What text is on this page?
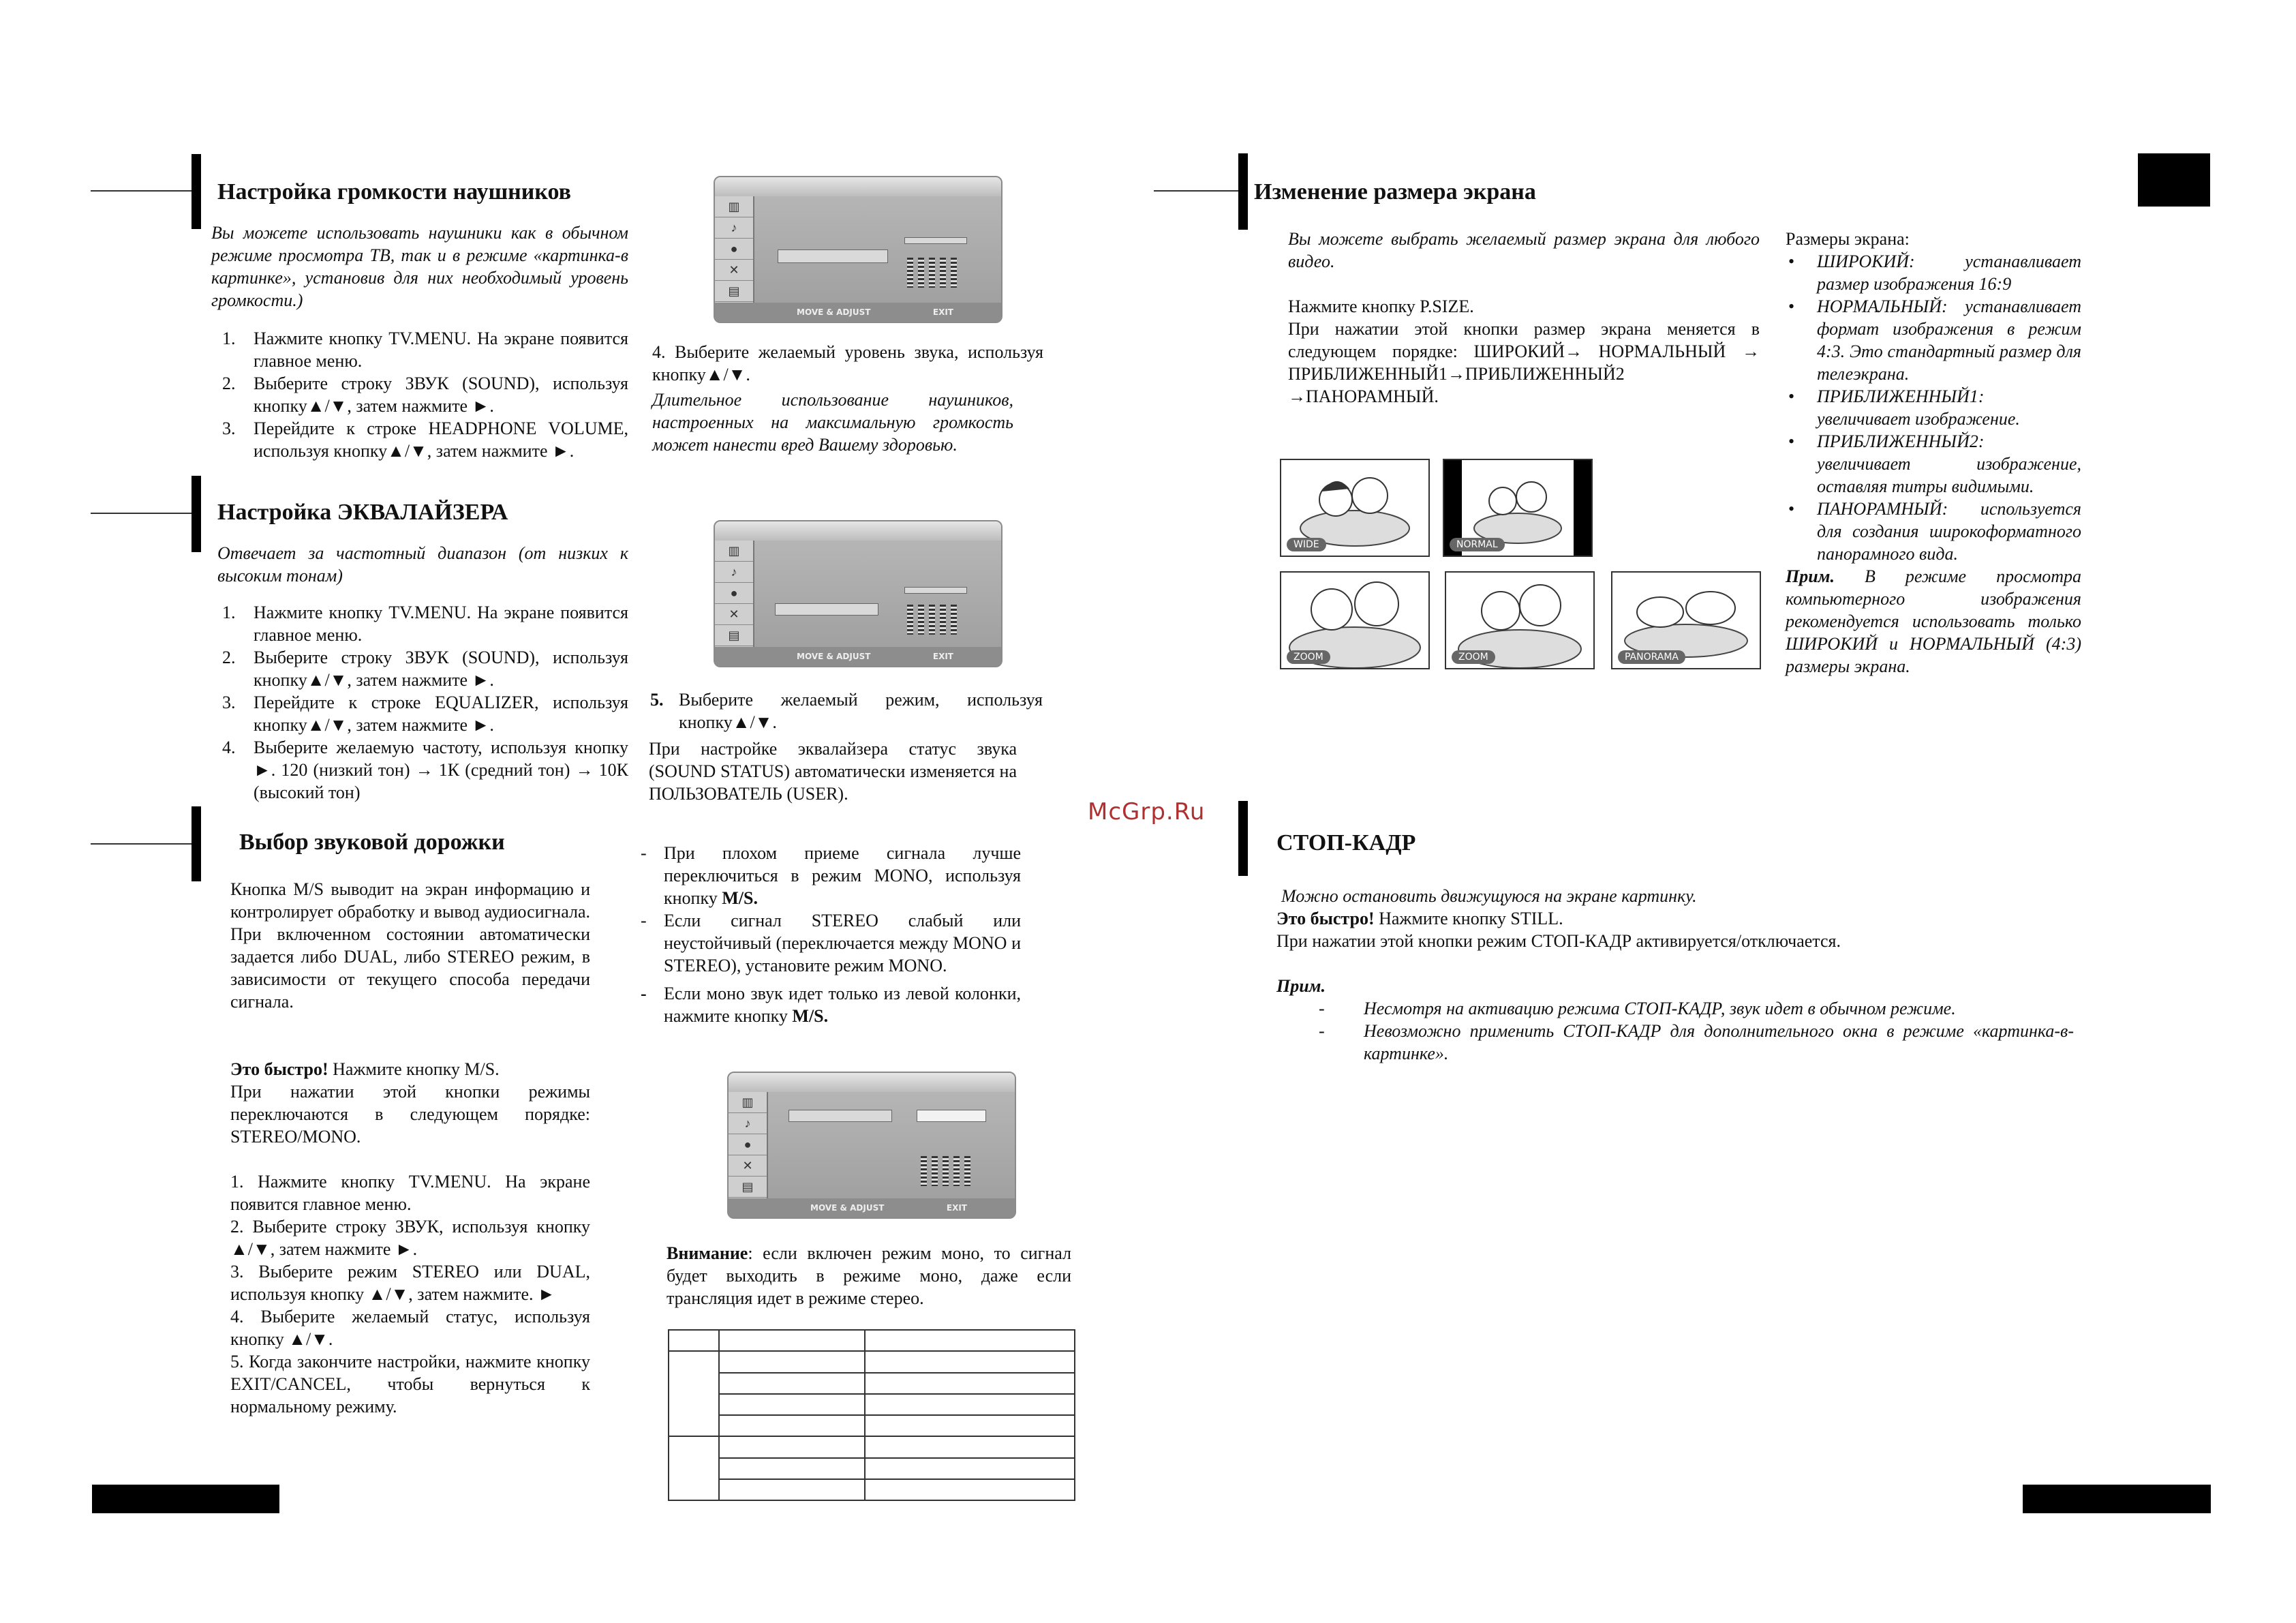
Настройка громкости наушников

Вы можете использовать наушники как в обычном режиме просмотра ТВ, так и в режиме «картинка-в картинке», установив для них необходимый уровень громкости.)

1. Нажмите кнопку TV.MENU. На экране появится главное меню.
2. Выберите строку ЗВУК (SOUND), используя кнопку▲/▼, затем нажмите ►.
3. Перейдите к строке HEADPHONE VOLUME, используя кнопку▲/▼, затем нажмите ►.
▥
♪
●
✕
▤
MOVE & ADJUST	EXIT

4. Выберите желаемый уровень звука, используя кнопку▲/▼.

Длительное использование наушников, настроенных на максимальную громкость может нанести вред Вашему здоровью.

Настройка ЭКВАЛАЙЗЕРА

Отвечает за частотный диапазон (от низких к высоким тонам)

1. Нажмите кнопку TV.MENU. На экране появится главное меню.
2. Выберите строку ЗВУК (SOUND), используя кнопку▲/▼, затем нажмите ►.
3. Перейдите к строке EQUALIZER, используя кнопку▲/▼, затем нажмите ►.
4. Выберите желаемую частоту, используя кнопку ►. 120 (низкий тон) → 1К (средний тон) → 10К (высокий тон)
▥
♪
●
✕
▤
MOVE & ADJUST	EXIT
5. Выберите желаемый режим, используя кнопку▲/▼.

При настройке эквалайзера статус звука (SOUND STATUS) автоматически изменяется на ПОЛЬЗОВАТЕЛЬ (USER).

Выбор звуковой дорожки

Кнопка M/S выводит на экран информацию и контролирует обработку и вывод аудиосигнала. При включенном состоянии автоматически задается либо DUAL, либо STEREO режим, в зависимости от текущего способа передачи сигнала.

Это быстро! Нажмите кнопку M/S.

При нажатии этой кнопки режимы переключаются в следующем порядке: STEREO/MONO.

1. Нажмите кнопку TV.MENU. На экране появится главное меню.
2. Выберите строку ЗВУК, используя кнопку ▲/▼, затем нажмите ►.
3. Выберите режим STEREO или DUAL, используя кнопку ▲/▼, затем нажмите. ►
4. Выберите желаемый статус, используя кнопку ▲/▼.
5. Когда закончите настройки, нажмите кнопку EXIT/CANCEL, чтобы вернуться к нормальному режиму.
- При плохом приеме сигнала лучше переключиться в режим MONO, используя кнопку M/S.
- Если сигнал STEREO слабый или неустойчивый (переключается между MONO и STEREO), установите режим MONO.
- Если моно звук идет только из левой колонки, нажмите кнопку M/S.
▥
♪
●
✕
▤
MOVE & ADJUST	EXIT

Внимание: если включен режим моно, то сигнал будет выходить в режиме моно, даже если трансляция идет в режиме стерео.

McGrp.Ru
Изменение размера экрана

Вы можете выбрать желаемый размер экрана для любого видео.

Нажмите кнопку P.SIZE.

При нажатии этой кнопки размер экрана меняется в следующем порядке: ШИРОКИЙ→ НОРМАЛЬНЫЙ → ПРИБЛИЖЕННЫЙ1→ПРИБЛИЖЕННЫЙ2 →ПАНОРАМНЫЙ.

WIDE	NORMAL
ZOOM	ZOOM	PANORAMA
Размеры экрана:
• ШИРОКИЙ: устанавливает размер изображения 16:9
• НОРМАЛЬНЫЙ: устанавливает формат изображения в режим 4:3. Это стандартный размер для телеэкрана.
• ПРИБЛИЖЕННЫЙ1: увеличивает изображение.
• ПРИБЛИЖЕННЫЙ2: увеличивает изображение, оставляя титры видимыми.
• ПАНОРАМНЫЙ: используется для создания широкоформатного панорамного вида.
Прим. В режиме просмотра компьютерного изображения рекомендуется использовать только ШИРОКИЙ и НОРМАЛЬНЫЙ (4:3) размеры экрана.
СТОП-КАДР

Можно остановить движущуюся на экране картинку.

Это быстро! Нажмите кнопку STILL.

При нажатии этой кнопки режим СТОП-КАДР активируется/отключается.

Прим.

- Несмотря на активацию режима СТОП-КАДР, звук идет в обычном режиме.
- Невозможно применить СТОП-КАДР для дополнительного окна в режиме «картинка-в-картинке».
